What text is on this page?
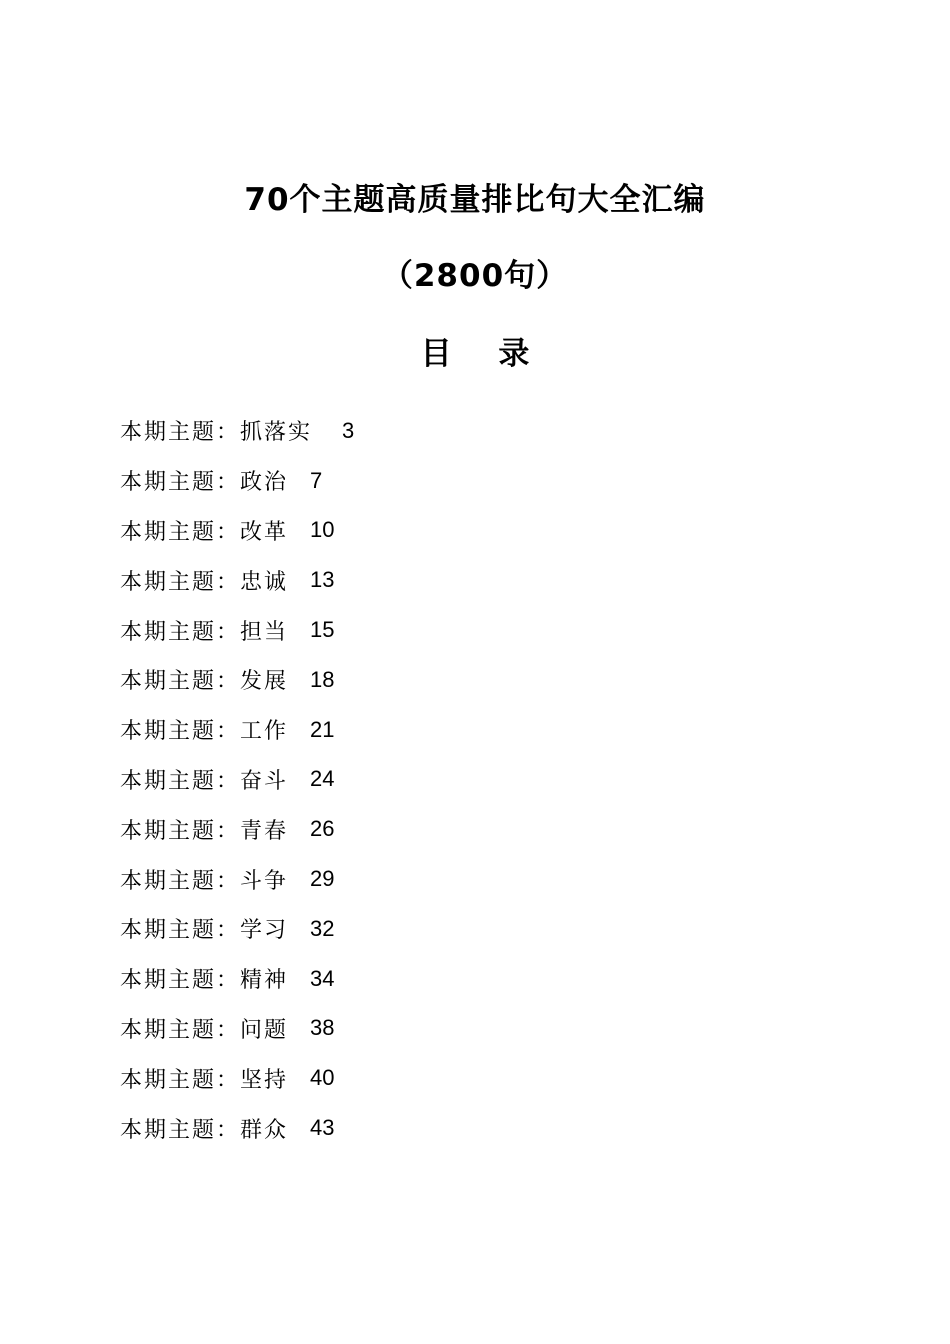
70个主题高质量排比句大全汇编
（2800句）
目 录
本期主题：抓落实 3
本期主题：政治 7
本期主题：改革 10
本期主题：忠诚 13
本期主题：担当 15
本期主题：发展 18
本期主题：工作 21
本期主题：奋斗 24
本期主题：青春 26
本期主题：斗争 29
本期主题：学习 32
本期主题：精神 34
本期主题：问题 38
本期主题：坚持 40
本期主题：群众 43
